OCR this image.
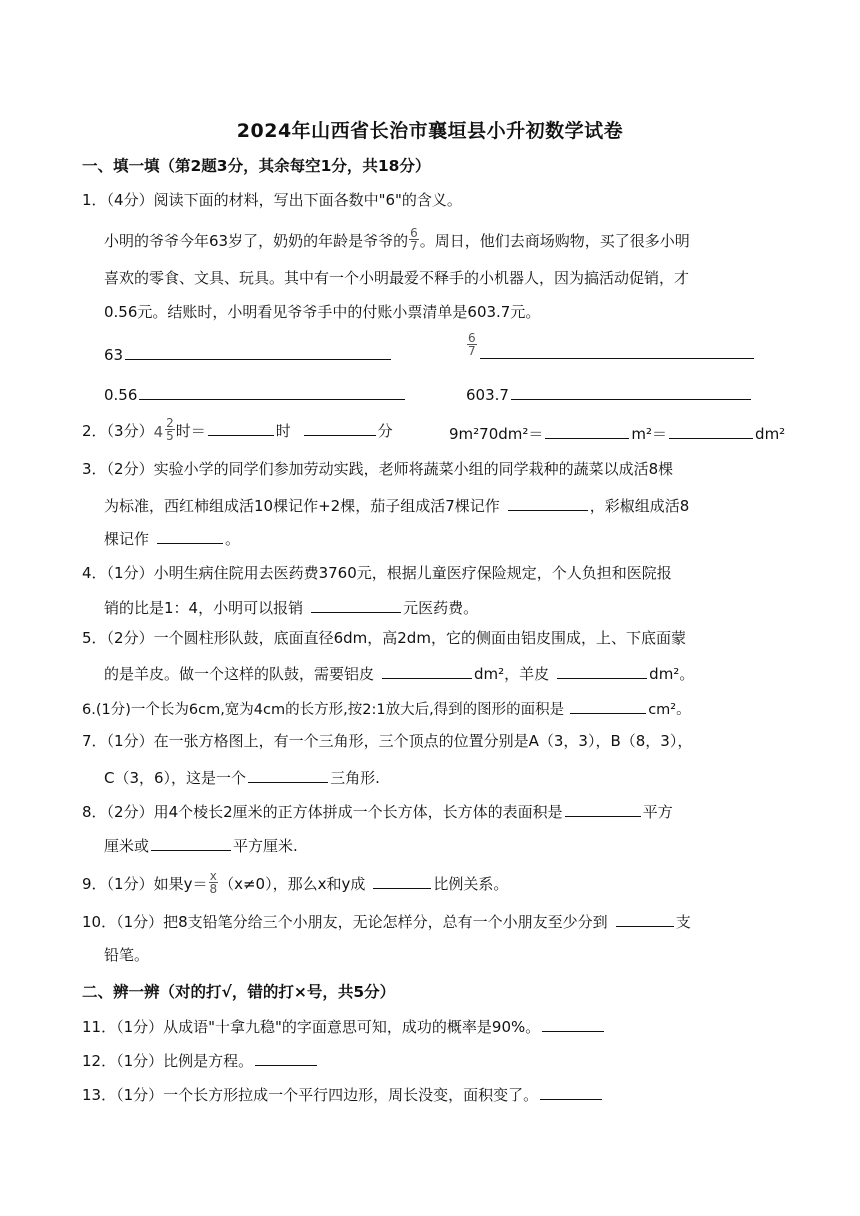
2024年山西省长治市襄垣县小升初数学试卷
一、填一填（第2题3分，其余每空1分，共18分）
1．（4分）阅读下面的材料，写出下面各数中"6"的含义。
小明的爷爷今年63岁了，奶奶的年龄是爷爷的 $\frac{6}{7}$ 。周日，他们去商场购物，买了很多小明
喜欢的零食、文具、玩具。其中有一个小明最爱不释手的小机器人，因为搞活动促销，才
0.56元。结账时，小明看见爷爷手中的付账小票清单是603.7元。
63	$\frac{6}{7}$
0.56	603.7
2．（3分） $4 \frac{2}{5}$ 时＝	时	分	9m²70dm²＝	m²＝	dm²
3．（2分）实验小学的同学们参加劳动实践，老师将蔬菜小组的同学栽种的蔬菜以成活8棵
为标准，西红柿组成活10棵记作+2棵，茄子组成活7棵记作	，彩椒组成活8
棵记作	。
4．（1分）小明生病住院用去医药费3760元，根据儿童医疗保险规定，个人负担和医院报
销的比是1：4，小明可以报销	元医药费。
5．（2分）一个圆柱形队鼓，底面直径6dm，高2dm，它的侧面由铝皮围成，上、下底面蒙
的是羊皮。做一个这样的队鼓，需要铝皮	dm²，羊皮	dm²。
6.(1分)一个长为6cm,宽为4cm的长方形,按2:1放大后,得到的图形的面积是	cm²。
7．（1分）在一张方格图上，有一个三角形，三个顶点的位置分别是A（3，3），B（8，3），
C（3，6），这是一个	三角形.
8．（2分）用4个棱长2厘米的正方体拼成一个长方体，长方体的表面积是	平方
厘米或	平方厘米.
9．（1分）如果$y= \frac{x}{8} (x\ne 0)$，那么x和y成	比例关系。
10．（1分）把8支铅笔分给三个小朋友，无论怎样分，总有一个小朋友至少分到	支
铅笔。
二、辨一辨（对的打√，错的打×号，共5分）
11．（1分）从成语"十拿九稳"的字面意思可知，成功的概率是90%。
12．（1分）比例是方程。
13．（1分）一个长方形拉成一个平行四边形，周长没变，面积变了。
